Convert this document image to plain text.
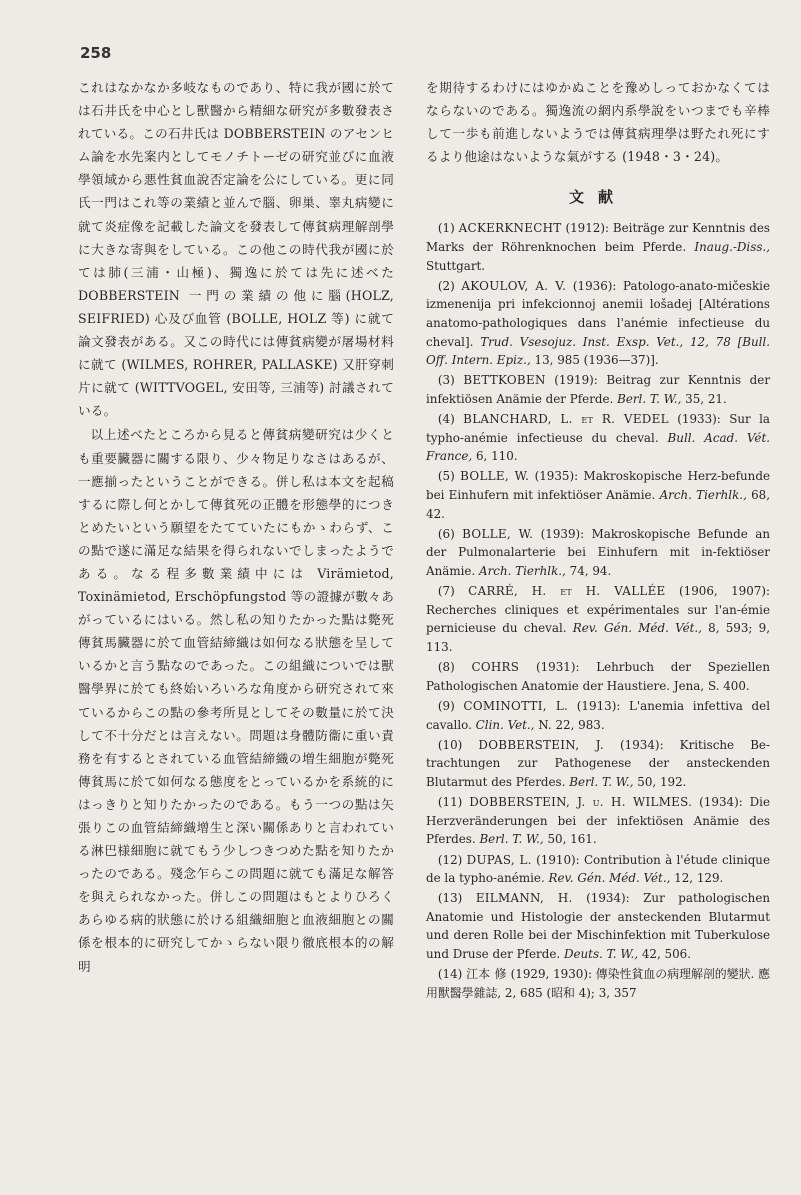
258

これはなかなか多岐なものであり、特に我が國に於ては石井氏を中心とし獸醫から精細な研究が多數發表されている。この石井氏は DOBBERSTEIN のアセンヒム論を水先案内としてモノチトーゼの研究並びに血液學領域から悪性貧血說否定論を公にしている。更に同氏一門はこれ等の業績と並んで腦、卵巣、睾丸病變に就て炎症像を記載した論文を發表して傳貧病理解剖學に大きな寄與をしている。この他この時代我が國に於ては肺(三浦・山極)、獨逸に於ては先に述べた DOBBERSTEIN 一門の業績の他に腦(HOLZ, SEIFRIED) 心及び血管 (BOLLE, HOLZ 等) に就て論文發表がある。又この時代には傳貧病變が屠場材料に就て (WILMES, ROHRER, PALLASKE) 又肝穿刺片に就て (WITTVOGEL, 安田等, 三浦等) 討議されている。

以上述べたところから見ると傳貧病變研究は少くとも重要臟器に關する限り、少々物足りなさはあるが、一應揃ったということができる。併し私は本文を起稿するに際し何とかして傳貧死の正體を形態學的につきとめたいという願望をたてていたにもかゝわらず、この點で遂に滿足な結果を得られないでしまったようである。なる程多數業績中には Virämietod, Toxinämietod, Erschöpfungstod 等の證據が數々あがっているにはいる。然し私の知りたかった點は斃死傳貧馬臟器に於て血管結締織は如何なる狀態を呈しているかと言う點なのであった。この組織についでは獸醫學界に於ても終始いろいろな角度から研究されて來ているからこの點の參考所見としてその數量に於て決して不十分だとは言えない。問題は身體防衞に重い責務を有するとされている血管結締織の増生細胞が斃死傳貧馬に於て如何なる態度をとっているかを系統的にはっきりと知りたかったのである。もう一つの點は矢張りこの血管結締織增生と深い關係ありと言われている淋巴様細胞に就てもう少しつきつめた點を知りたかったのである。殘念乍らこの問題に就ても滿足な解答を與えられなかった。併しこの問題はもとよりひろくあらゆる病的狀態に於ける組織細胞と血液細胞との關係を根本的に研究してかゝらない限り徹底根本的の解明

を期待するわけにはゆかぬことを豫めしっておかなくてはならないのである。獨逸流の網内系學說をいつまでも辛棒して一歩も前進しないようでは傳貧病理學は野たれ死にするより他途はないような氣がする (1948・3・24)。

文献
(1) ACKERKNECHT (1912): Beiträge zur Kenntnis des Marks der Röhrenknochen beim Pferde. Inaug.-Diss., Stuttgart.
(2) AKOULOV, A. V. (1936): Patologo-anato-mičeskie izmenenija pri infekcionnoj anemii lošadej [Altérations anatomo-pathologiques dans l'anémie infectieuse du cheval]. Trud. Vsesojuz. Inst. Exsp. Vet., 12, 78 [Bull. Off. Intern. Epiz., 13, 985 (1936—37)].
(3) BETTKOBEN (1919): Beitrag zur Kenntnis der infektiösen Anämie der Pferde. Berl. T. W., 35, 21.
(4) BLANCHARD, L. et R. VEDEL (1933): Sur la typho-anémie infectieuse du cheval. Bull. Acad. Vét. France, 6, 110.
(5) BOLLE, W. (1935): Makroskopische Herz-befunde bei Einhufern mit infektiöser Anämie. Arch. Tierhlk., 68, 42.
(6) BOLLE, W. (1939): Makroskopische Befunde an der Pulmonalarterie bei Einhufern mit in-fektiöser Anämie. Arch. Tierhlk., 74, 94.
(7) CARRÉ, H. et H. VALLÉE (1906, 1907): Recherches cliniques et expérimentales sur l'an-émie pernicieuse du cheval. Rev. Gén. Méd. Vét., 8, 593; 9, 113.
(8) COHRS (1931): Lehrbuch der Speziellen Pathologischen Anatomie der Haustiere. Jena, S. 400.
(9) COMINOTTI, L. (1913): L'anemia infettiva del cavallo. Clin. Vet., N. 22, 983.
(10) DOBBERSTEIN, J. (1934): Kritische Be-trachtungen zur Pathogenese der ansteckenden Blutarmut des Pferdes. Berl. T. W., 50, 192.
(11) DOBBERSTEIN, J. u. H. WILMES. (1934): Die Herzveränderungen bei der infektiösen Anämie des Pferdes. Berl. T. W., 50, 161.
(12) DUPAS, L. (1910): Contribution à l'étude clinique de la typho-anémie. Rev. Gén. Méd. Vét., 12, 129.
(13) EILMANN, H. (1934): Zur pathologischen Anatomie und Histologie der ansteckenden Blutarmut und deren Rolle bei der Mischinfektion mit Tuberkulose und Druse der Pferde. Deuts. T. W., 42, 506.
(14) 江本 修 (1929, 1930): 傳染性貧血の病理解剖的變狀. 應用獸醫學雜誌, 2, 685 (昭和 4); 3, 357
